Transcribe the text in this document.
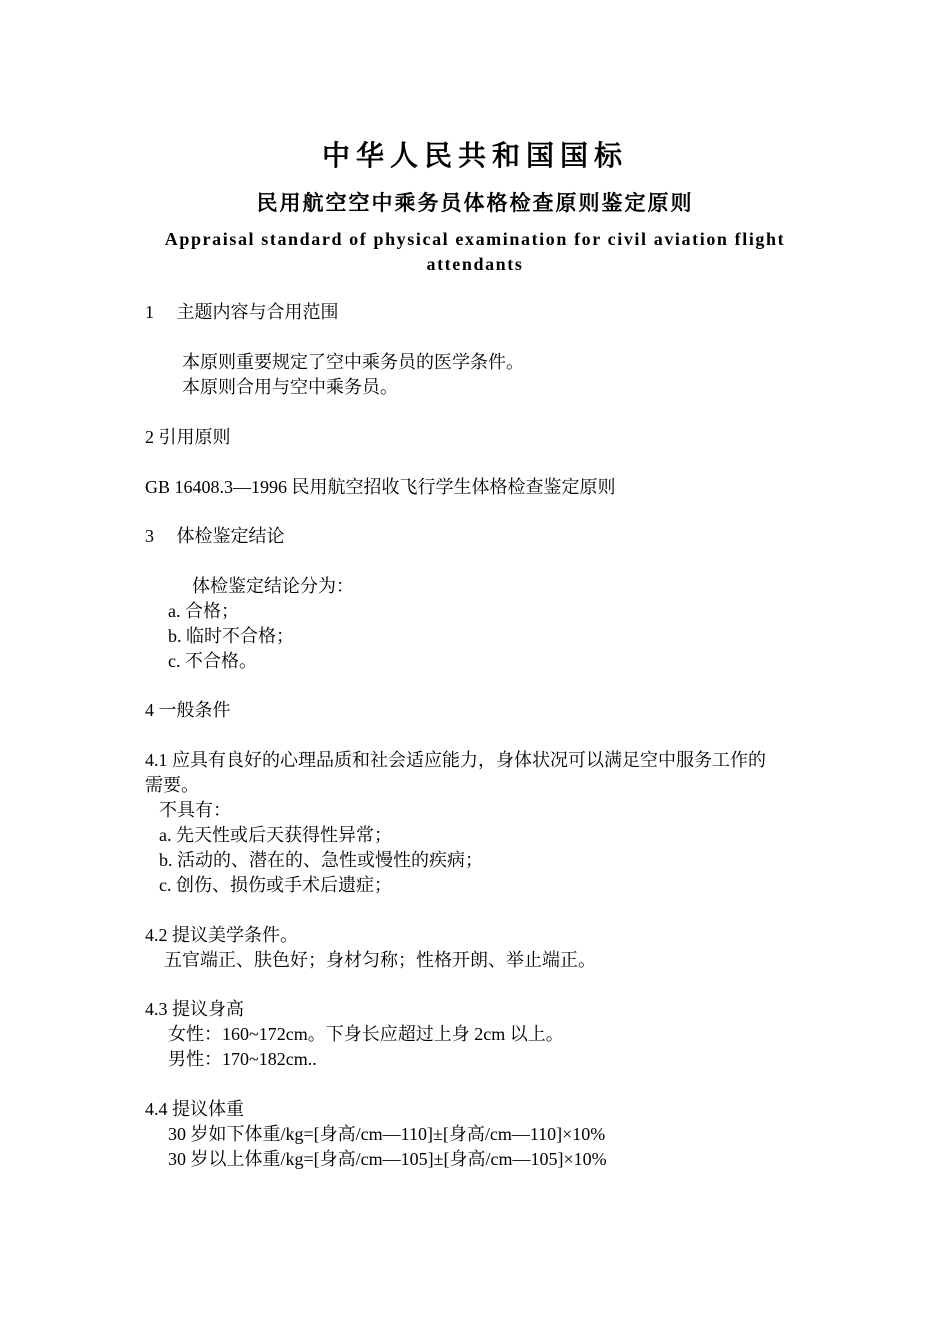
中华人民共和国国标
民用航空空中乘务员体格检查原则鉴定原则
Appraisal standard of physical examination for civil aviation flight attendants
1　 主题内容与合用范围
本原则重要规定了空中乘务员的医学条件。
本原则合用与空中乘务员。
2 引用原则
GB 16408.3—1996 民用航空招收飞行学生体格检查鉴定原则
3　 体检鉴定结论
体检鉴定结论分为：
a. 合格；
b. 临时不合格；
c. 不合格。
4 一般条件
4.1 应具有良好的心理品质和社会适应能力，身体状况可以满足空中服务工作的
需要。
不具有：
a. 先天性或后天获得性异常；
b. 活动的、潜在的、急性或慢性的疾病；
c. 创伤、损伤或手术后遗症；
4.2 提议美学条件。
五官端正、肤色好；身材匀称；性格开朗、举止端正。
4.3 提议身高
女性：160~172cm。下身长应超过上身 2cm 以上。
男性：170~182cm..
4.4 提议体重
30 岁如下体重/kg=[身高/cm—110]±[身高/cm—110]×10%
30 岁以上体重/kg=[身高/cm—105]±[身高/cm—105]×10%
